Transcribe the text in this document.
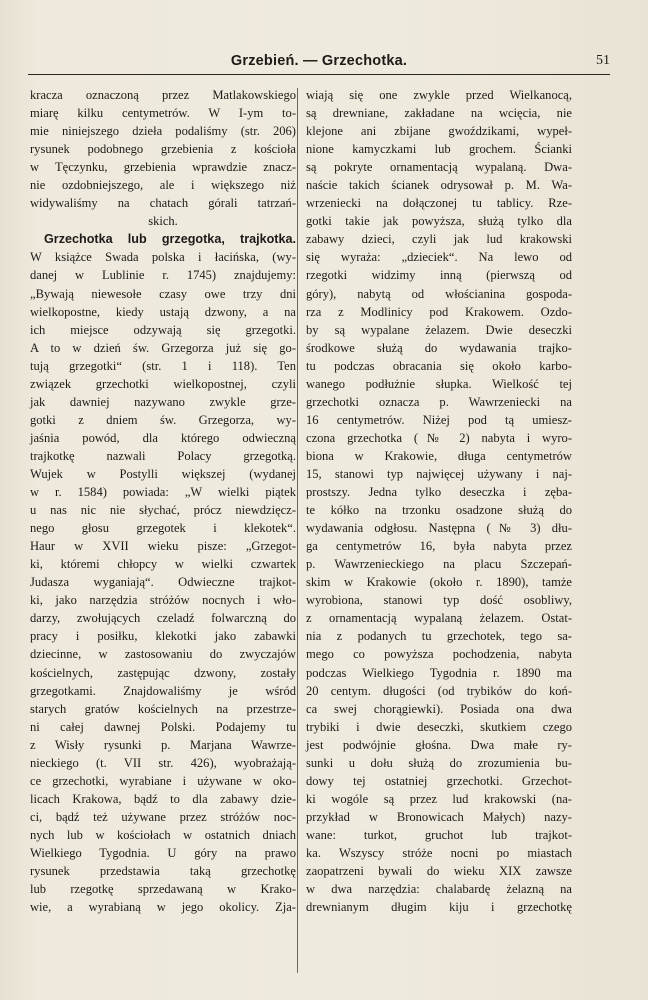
Grzebień. — Grzechotka.	51
kracza oznaczoną przez Matlakowskiego
miarę kilku centymetrów. W I-ym to-
mie niniejszego dzieła podaliśmy (str. 206)
rysunek podobnego grzebienia z kościoła
w Tęczynku, grzebienia wprawdzie znacz-
nie ozdobniejszego, ale i większego niż
widywaliśmy na chatach górali tatrzań-
skich.
Grzechotka lub grzegotka, trajkotka.
W książce Swada polska i łacińska, (wy-
danej w Lublinie r. 1745) znajdujemy:
„Bywają niewesołe czasy owe trzy dni
wielkopostne, kiedy ustają dzwony, a na
ich miejsce odzywają się grzegotki.
A to w dzień św. Grzegorza już się go-
tują grzegotki“ (str. 1 i 118). Ten
związek grzechotki wielkopostnej, czyli
jak dawniej nazywano zwykle grze-
gotki z dniem św. Grzegorza, wy-
jaśnia powód, dla którego odwieczną
trajkotkę nazwali Polacy grzegotką.
Wujek w Postylli większej (wydanej
w r. 1584) powiada: „W wielki piątek
u nas nic nie słychać, prócz niewdzięcz-
nego głosu grzegotek i klekotek“.
Haur w XVII wieku pisze: „Grzegot-
ki, któremi chłopcy w wielki czwartek
Judasza wyganiają“. Odwieczne trajkot-
ki, jako narzędzia stróżów nocnych i wło-
darzy, zwołujących czeladź folwarczną do
pracy i posiłku, klekotki jako zabawki
dziecinne, w zastosowaniu do zwyczajów
kościelnych, zastępując dzwony, zostały
grzegotkami. Znajdowaliśmy je wśród
starych gratów kościelnych na przestrze-
ni całej dawnej Polski. Podajemy tu
z Wisły rysunki p. Marjana Wawrze-
nieckiego (t. VII str. 426), wyobrażają-
ce grzechotki, wyrabiane i używane w oko-
licach Krakowa, bądź to dla zabawy dzie-
ci, bądź też używane przez stróżów noc-
nych lub w kościołach w ostatnich dniach
Wielkiego Tygodnia. U góry na prawo
rysunek przedstawia taką grzechotkę
lub rzegotkę sprzedawaną w Krako-
wie, a wyrabianą w jego okolicy. Zja-
wiają się one zwykle przed Wielkanocą,
są drewniane, zakładane na wcięcia, nie
klejone ani zbijane gwoździkami, wypeł-
nione kamyczkami lub grochem. Ścianki
są pokryte ornamentacją wypalaną. Dwa-
naście takich ścianek odrysował p. M. Wa-
wrzeniecki na dołączonej tu tablicy. Rze-
gotki takie jak powyższa, służą tylko dla
zabawy dzieci, czyli jak lud krakowski
się wyraża: „dzieciek“. Na lewo od
rzegotki widzimy inną (pierwszą od
góry), nabytą od włościanina gospoda-
rza z Modlinicy pod Krakowem. Ozdo-
by są wypalane żelazem. Dwie deseczki
środkowe służą do wydawania trajko-
tu podczas obracania się około karbo-
wanego podłużnie słupka. Wielkość tej
grzechotki oznacza p. Wawrzeniecki na
16 centymetrów. Niżej pod tą umiesz-
czona grzechotka (№ 2) nabyta i wyro-
biona w Krakowie, długa centymetrów
15, stanowi typ najwięcej używany i naj-
prostszy. Jedna tylko deseczka i zęba-
te kółko na trzonku osadzone służą do
wydawania odgłosu. Następna (№ 3) dłu-
ga centymetrów 16, była nabyta przez
p. Wawrzenieckiego na placu Szczepań-
skim w Krakowie (około r. 1890), tamże
wyrobiona, stanowi typ dość osobliwy,
z ornamentacją wypalaną żelazem. Ostat-
nia z podanych tu grzechotek, tego sa-
mego co powyższa pochodzenia, nabyta
podczas Wielkiego Tygodnia r. 1890 ma
20 centym. długości (od trybików do koń-
ca swej chorągiewki). Posiada ona dwa
trybiki i dwie deseczki, skutkiem czego
jest podwójnie głośna. Dwa małe ry-
sunki u dołu służą do zrozumienia bu-
dowy tej ostatniej grzechotki. Grzechot-
ki wogóle są przez lud krakowski (na-
przykład w Bronowicach Małych) nazy-
wane: turkot, gruchot lub trajkot-
ka. Wszyscy stróże nocni po miastach
zaopatrzeni bywali do wieku XIX zawsze
w dwa narzędzia: chalabardę żelazną na
drewnianym długim kiju i grzechotkę
